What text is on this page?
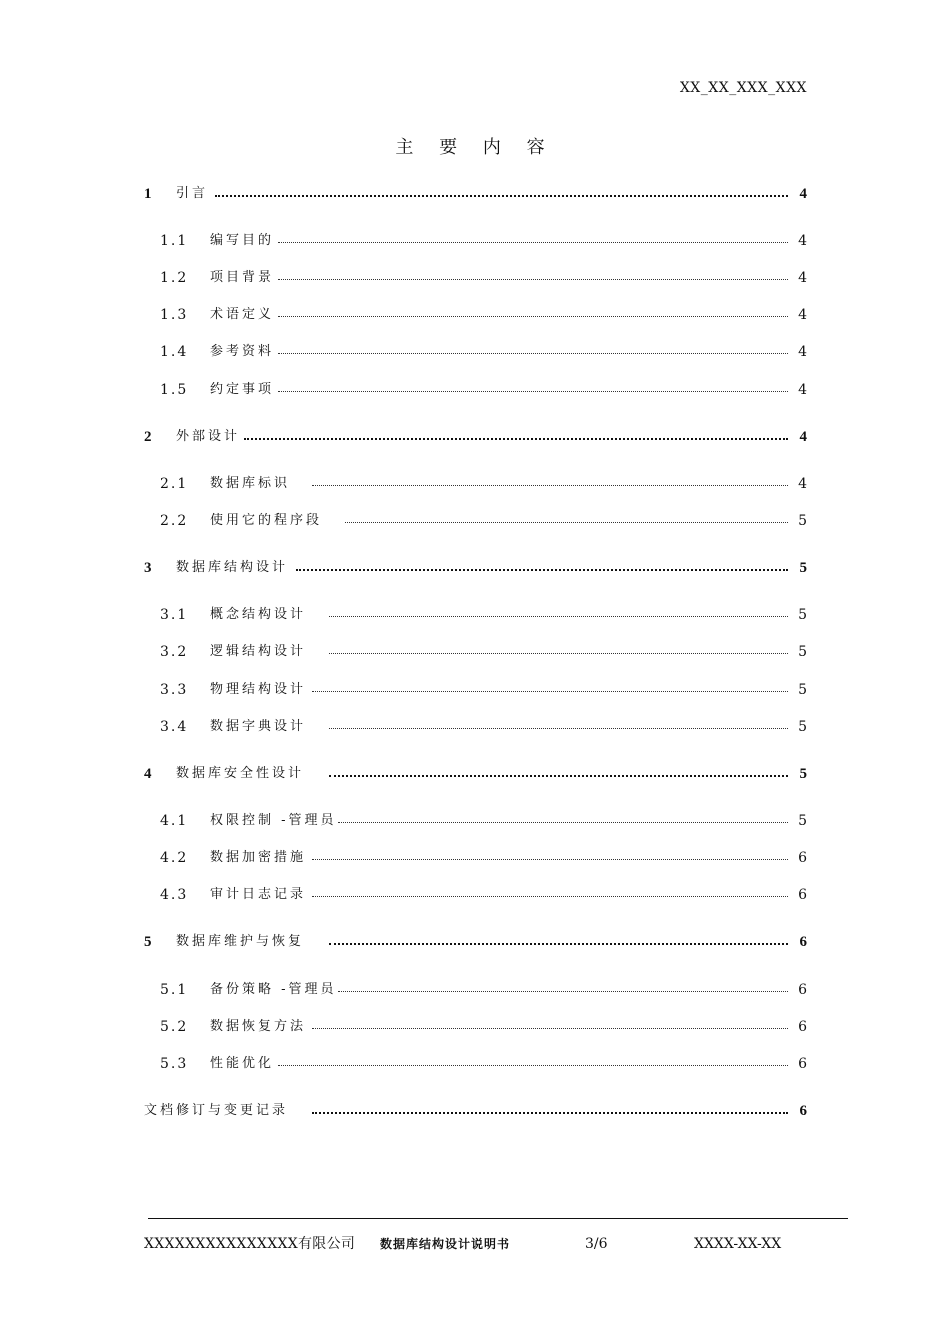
XX_XX_XXX_XXX
主 要 内 容
1 引言	4
1.1 编写目的	4
1.2 项目背景	4
1.3 术语定义	4
1.4 参考资料	4
1.5 约定事项	4
2 外部设计	4
2.1 数据库标识	4
2.2 使用它的程序段	5
3 数据库结构设计	5
3.1 概念结构设计	5
3.2 逻辑结构设计	5
3.3 物理结构设计	5
3.4 数据字典设计	5
4 数据库安全性设计	5
4.1 权限控制 -管理员	5
4.2 数据加密措施	6
4.3 审计日志记录	6
5 数据库维护与恢复	6
5.1 备份策略 -管理员	6
5.2 数据恢复方法	6
5.3 性能优化	6
文档修订与变更记录	6
XXXXXXXXXXXXXXX有限公司 数据库结构设计说明书	3/6	XXXX-XX-XX
